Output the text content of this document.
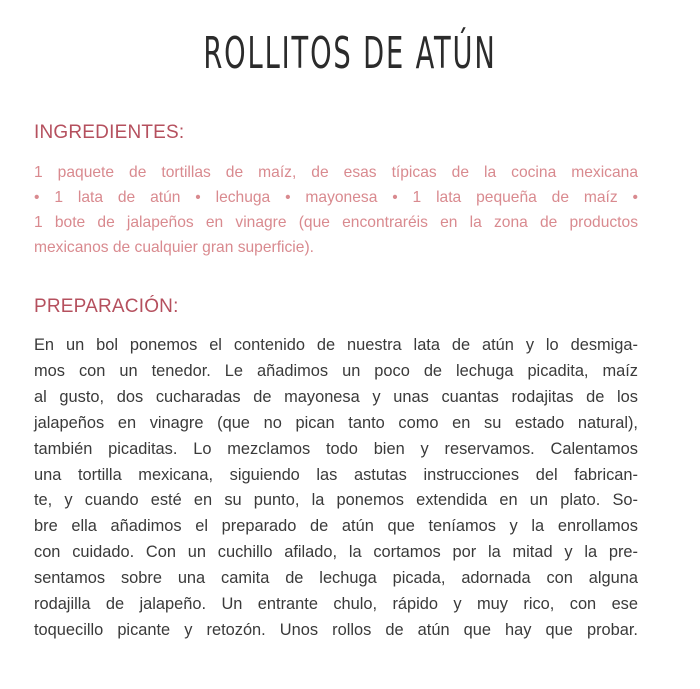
ROLLITOS DE ATÚN
INGREDIENTES:
1 paquete de tortillas de maíz, de esas típicas de la cocina mexicana
• 1 lata de atún • lechuga • mayonesa • 1 lata pequeña de maíz •
1 bote de jalapeños en vinagre (que encontraréis en la zona de productos
mexicanos de cualquier gran superficie).
PREPARACIÓN:
En un bol ponemos el contenido de nuestra lata de atún y lo desmiga-
mos con un tenedor. Le añadimos un poco de lechuga picadita, maíz
al gusto, dos cucharadas de mayonesa y unas cuantas rodajitas de los
jalapeños en vinagre (que no pican tanto como en su estado natural),
también picaditas. Lo mezclamos todo bien y reservamos. Calentamos
una tortilla mexicana, siguiendo las astutas instrucciones del fabrican-
te, y cuando esté en su punto, la ponemos extendida en un plato. So-
bre ella añadimos el preparado de atún que teníamos y la enrollamos
con cuidado. Con un cuchillo afilado, la cortamos por la mitad y la pre-
sentamos sobre una camita de lechuga picada, adornada con alguna
rodajilla de jalapeño. Un entrante chulo, rápido y muy rico, con ese
toquecillo picante y retozón. Unos rollos de atún que hay que probar.
